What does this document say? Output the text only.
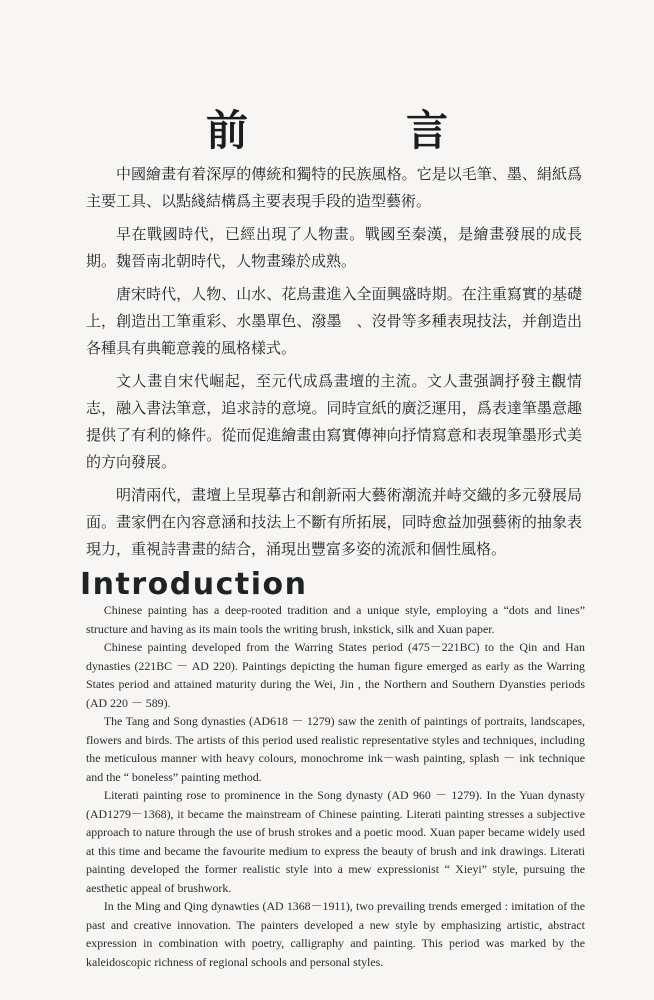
前　言

中國繪畫有着深厚的傳統和獨特的民族風格。它是以毛筆、墨、絹紙爲主要工具、以點綫結構爲主要表現手段的造型藝術。

早在戰國時代，已經出現了人物畫。戰國至秦漢，是繪畫發展的成長期。魏晉南北朝時代，人物畫臻於成熟。

唐宋時代，人物、山水、花鳥畫進入全面興盛時期。在注重寫實的基礎上，創造出工筆重彩、水墨單色、潑墨　、沒骨等多種表現技法，并創造出各種具有典範意義的風格樣式。

文人畫自宋代崛起，至元代成爲畫壇的主流。文人畫强調抒發主觀情志，融入書法筆意，追求詩的意境。同時宣紙的廣泛運用，爲表達筆墨意趣提供了有利的條件。從而促進繪畫由寫實傳神向抒情寫意和表現筆墨形式美的方向發展。

明清兩代，畫壇上呈現摹古和創新兩大藝術潮流并峙交織的多元發展局面。畫家們在內容意涵和技法上不斷有所拓展，同時愈益加强藝術的抽象表現力，重視詩書畫的結合，涌現出豐富多姿的流派和個性風格。

Introduction

Chinese painting has a deep-rooted tradition and a unique style, employing a “dots and lines” structure and having as its main tools the writing brush, inkstick, silk and Xuan paper.

Chinese painting developed from the Warring States period (475－221BC) to the Qin and Han dynasties (221BC － AD 220). Paintings depicting the human figure emerged as early as the Warring States period and attained maturity during the Wei, Jin , the Northern and Southern Dyansties periods (AD 220 － 589).

The Tang and Song dynasties (AD618 － 1279) saw the zenith of paintings of portraits, landscapes, flowers and birds. The artists of this period used realistic representative styles and techniques, including the meticulous manner with heavy colours, monochrome ink－wash painting, splash － ink technique and the “ boneless” painting method.

Literati painting rose to prominence in the Song dynasty (AD 960 － 1279). In the Yuan dynasty (AD1279－1368), it became the mainstream of Chinese painting. Literati painting stresses a subjective approach to nature through the use of brush strokes and a poetic mood. Xuan paper became widely used at this time and became the favourite medium to express the beauty of brush and ink drawings. Literati painting developed the former realistic style into a mew expressionist “ Xieyi” style, pursuing the aesthetic appeal of brushwork.

In the Ming and Qing dynawties (AD 1368－1911), two prevailing trends emerged : imitation of the past and creative innovation. The painters developed a new style by emphasizing artistic, abstract expression in combination with poetry, calligraphy and painting. This period was marked by the kaleidoscopic richness of regional schools and personal styles.
